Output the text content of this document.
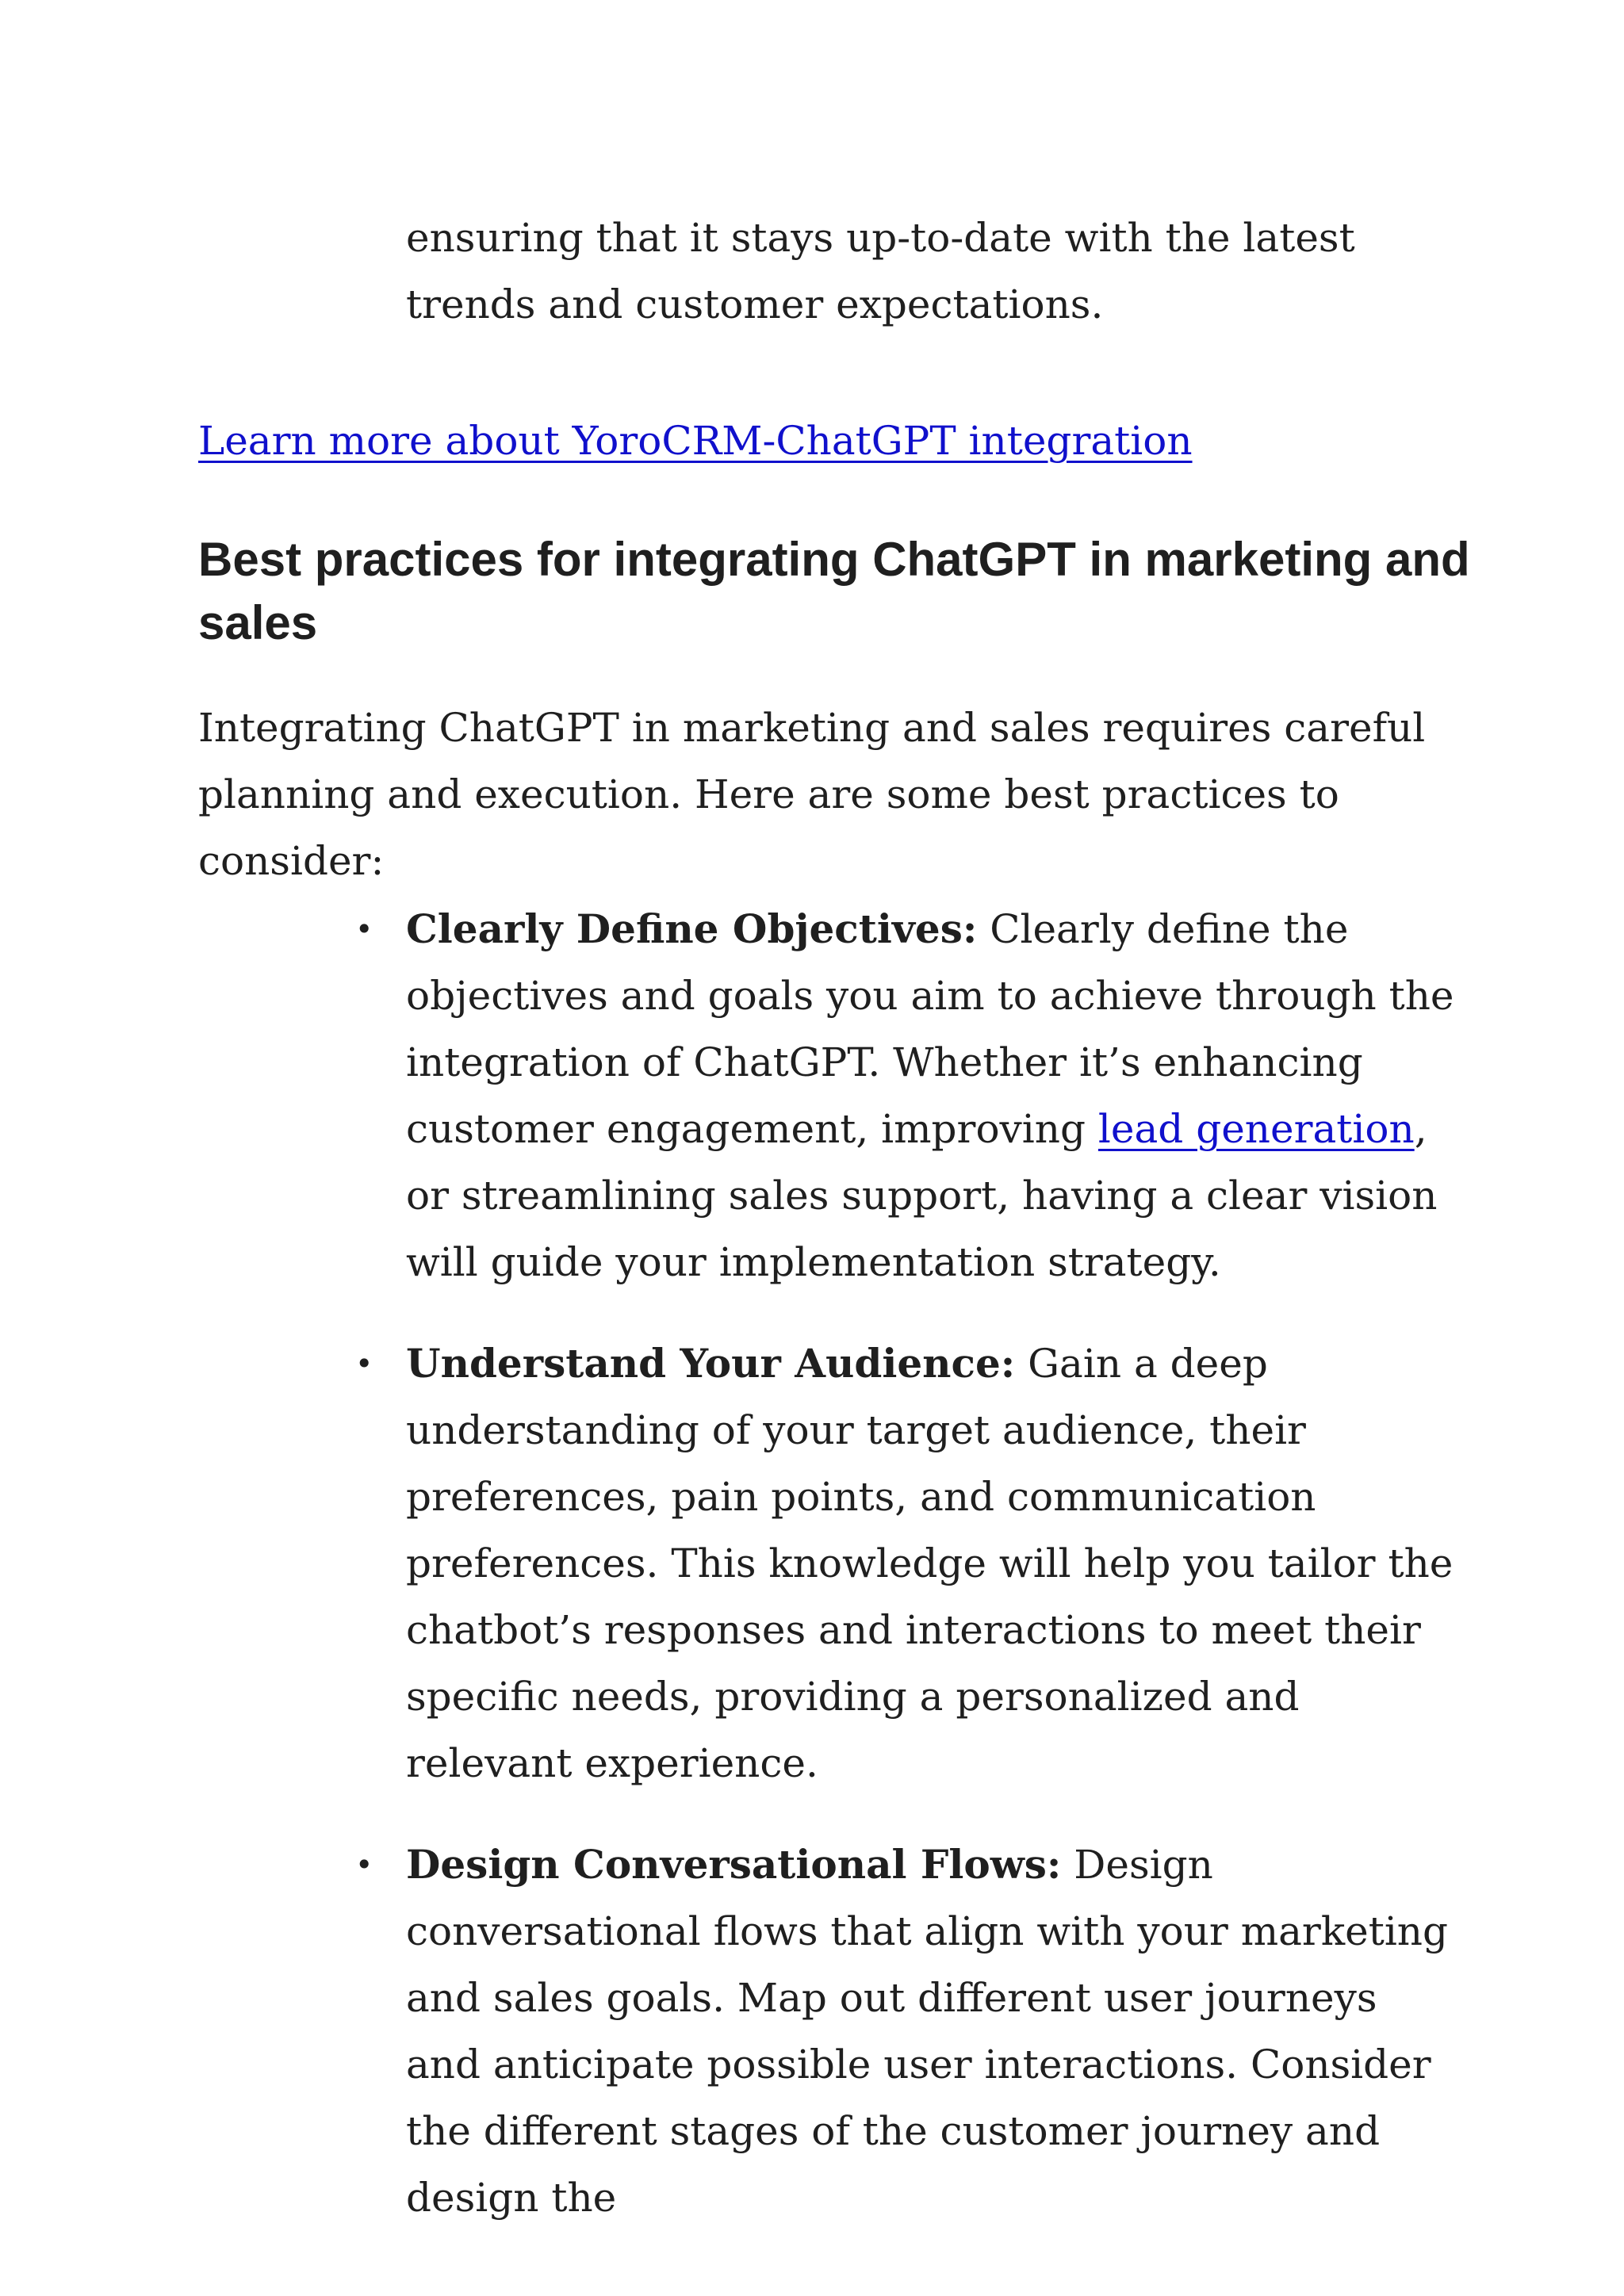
ensuring that it stays up-to-date with the latest trends and customer expectations.

Learn more about YoroCRM-ChatGPT integration
Best practices for integrating ChatGPT in marketing and sales

Integrating ChatGPT in marketing and sales requires careful planning and execution. Here are some best practices to consider:

• Clearly Define Objectives: Clearly define the objectives and goals you aim to achieve through the integration of ChatGPT. Whether it’s enhancing customer engagement, improving lead generation, or streamlining sales support, having a clear vision will guide your implementation strategy.
• Understand Your Audience: Gain a deep understanding of your target audience, their preferences, pain points, and communication preferences. This knowledge will help you tailor the chatbot’s responses and interactions to meet their specific needs, providing a personalized and relevant experience.
• Design Conversational Flows: Design conversational flows that align with your marketing and sales goals. Map out different user journeys and anticipate possible user interactions. Consider the different stages of the customer journey and design the
